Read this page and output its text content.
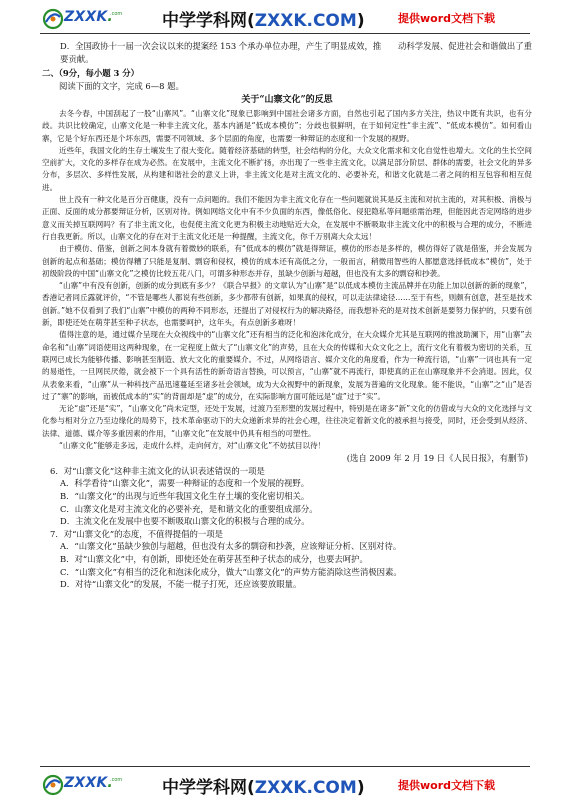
ZXXK.
.com 中学学科网(ZXXK.COM)	提供word文档下载

D．全国政协十一届一次会议以来的提案经 153 个承办单位办理，产生了明显成效，推　　动科学发展、促进社会和谐做出了重要贡献。

二、（9分，每小题 3 分）

阅读下面的文字，完成 6—8 题。

关于“山寨文化”的反思

去冬今春，中国刮起了一股“山寨风”。“山寨文化”现象已影响到中国社会诸多方面，自然也引起了国内多方关注，热议中既有共识，也有分歧。共识比较确定，山寨文化是一种非主流文化，基本内涵是“低成本模仿”；分歧也很鲜明，在于如何定性“非主流”、“低成本模仿”。如何看山寨，它是个好东西还是个坏东西，需要不同领域、多个层面的角度，也需要一种辩证的态度和一个发展的视野。

近些年，我国文化的生存土壤发生了很大变化。随着经济基础的转型，社会结构的分化，大众文化需求和文化自觉性也增大。文化的生长空间空前扩大，文化的多样存在成为必然。在发展中，主流文化不断扩扬，亦出现了一些非主流文化，以满足部分阶层、群体的需要，社会文化的异多分布，多层次、多样性发展，从构建和谐社会的意义上讲，非主流文化是对主流文化的、必要补充，和谐文化就是二者之间的相互包容和相互促进。

世上没有一种文化是百分百健康，没有一点问题的。我们不能因为非主流文化存在一些问题就说其是反主流和对抗主流的，对其积极、消极与正面、反面的成分都要辩证分析，区别对待。例如网络文化中有不少负面的东西，像低俗化、侵犯隐私等问题亟需治理，但能因此否定网络的进步意义而关掉互联网吗？有了非主流文化，也促使主流文化更为积极主动地贴近大众，在发展中不断吸取非主流文化中的积极与合理的成分，不断进行自我更新。所以，山寨文化的存在对于主流文化还是一种提醒，主流文化，你千万别离大众太远！

由于模仿、借鉴，创新之间本身就有着微妙的联系，有“低成本的模仿”就是得辩证，模仿的形态是多样的，模仿得好了就是借鉴，并会发展为创新的起点和基础；模仿得糟了只能是复制、剽窃和侵权，模仿的成本还有高低之分，一般而言，稍微用智些的人都愿意选择低成本“模仿”，处于初级阶段的中国“山寨文化”之模仿比较五花八门，可谓多种形态并存，虽缺少创新与超越，但也没有太多的剽窃和抄袭。

“山寨”中有没有创新，创新的成分到底有多少？《联合早报》的文章认为“山寨”是“以低成本模仿主流品牌并在功能上加以创新的新的现象”，香港记者同丘露就评价，“不管是哪些人都说有些创新，多少都带有创新，如果真的侵权，可以走法律途径……至于有些，则颇有创意，甚至是技术创新。”她不仅看到了我们“山寨”中模仿的两种不同形态，还提出了对侵权行为的解决路径，而我想补充的是对技术创新是要努力保护的，只要有创新，即使还处在萌芽甚至种子状态，也需要呵护，这年头，有点创新多难呀！

值得注意的是，通过媒介呈现在大众视线中的“山寨文化”还有相当的泛化和泡沫化成分，在大众媒介尤其是互联网的推波助澜下，用“山寨”去命名和“山寨”词语使用这两种现象，在一定程度上做大了“山寨文化”的声势，且在大众的传媒和大众文化之上，流行文化有着极为密切的关系，互联网已成长为能够传播、影响甚至制造、放大文化的重要媒介。不过，从网络语言、媒介文化的角度看，作为一种流行语，“山寨”一词也具有一定的易逝性，一旦网民厌倦，就会被下一个具有活性的新奇语言替换，可以预言，“山寨”就不再流行，即使真的正在山寨现象并不会消退。因此，仅从表象来看，“山寨”从一种科技产品迅速蔓延至诸多社会领域，成为大众视野中的新现象，发展为普遍的文化现象。能不能说，“山寨”之“山”是否过了“寨”的影响，而被低成本的“实”的背面却是“虚”的成分，在实际影响方面可能远是“虚”过于“实”。

无论“虚”还是“实”，“山寨文化”尚未定型，还处于发展，过渡乃至形塑的发展过程中，特别是在诸多“新”文化的仿借或与大众的文化选择与文化参与相对分立乃至边缘化的局势下，技术革命驱动下的大众递新求异的社会心理，往往决定着新文化的被承担与接受，同时，还会受到从经济、法律、道德、媒介等多重因素的作用，“山寨文化”在发展中仍具有相当的可塑性。

“山寨文化”能够走多远，走成什么样，走向何方，对“山寨文化”不妨拭目以待！

(选自 2009 年 2 月 19 日《人民日报》，有删节)

6．对“山寨文化”这种非主流文化的认识表述错误的一项是

A．科学看待“山寨文化”，需要一种辩证的态度和一个发展的视野。

B．“山寨文化”的出现与近些年我国文化生存土壤的变化密切相关。

C．山寨文化是对主流文化的必要补充，是和谐文化的重要组成部分。

D．主流文化在发展中也要不断吸取山寨文化的积极与合理的成分。

7．对“山寨文化”的态度，不值得提倡的一项是

A．“山寨文化”虽缺少独创与超越，但也没有太多的剽窃和抄袭，应该辩证分析、区别对待。

B．对“山寨文化”中，有创新，即使还处在萌芽甚至种子状态的成分，也要去呵护。

C．“山寨文化”有相当的泛化和泡沫化成分，做大“山寨文化”的声势方能消除这些消极因素。

D．对待“山寨文化”的发展，不能一棍子打死，还应该要放眼量。

ZXXK.
.com 中学学科网(ZXXK.COM)	提供word文档下载
